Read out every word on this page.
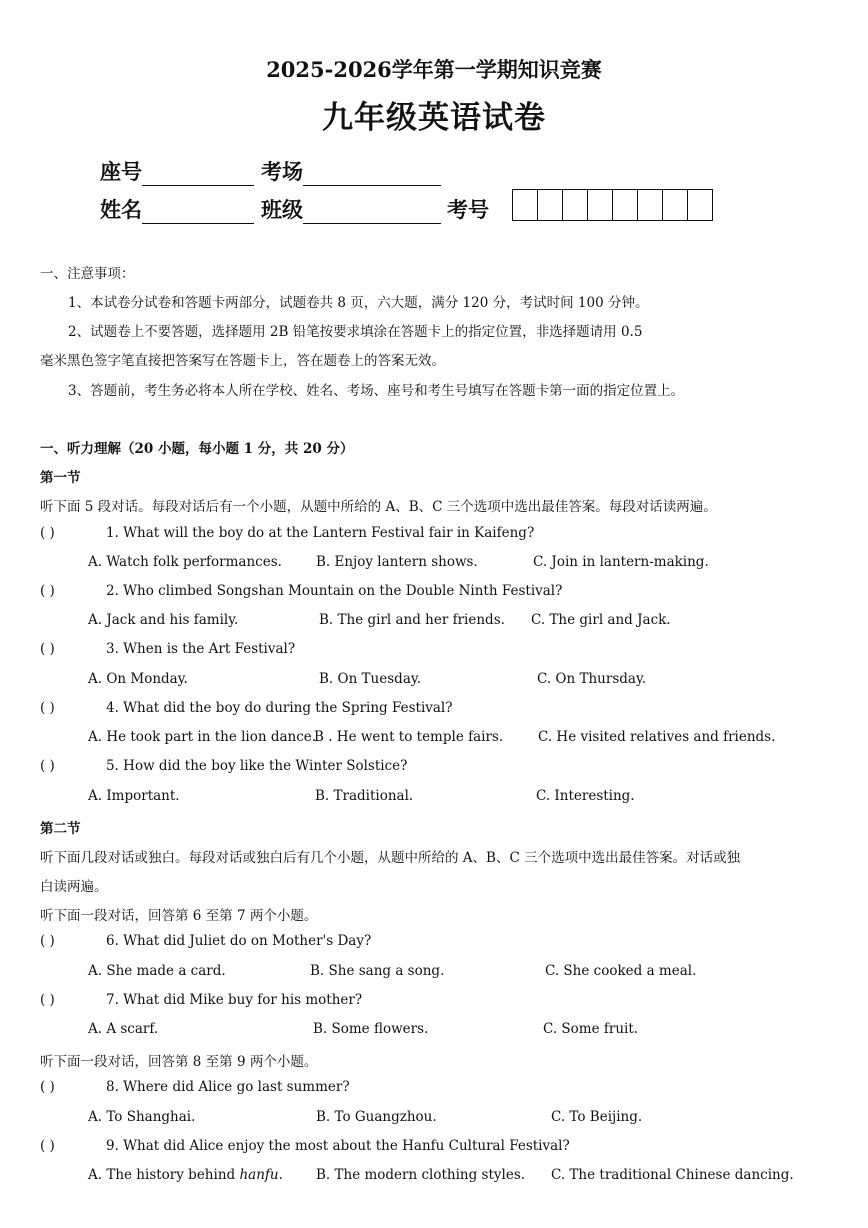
2025-2026学年第一学期知识竞赛
九年级英语试卷
座号	考场
姓名	班级	考号
一、注意事项：
1、本试卷分试卷和答题卡两部分，试题卷共 8 页，六大题，满分 120 分，考试时间 100 分钟。
2、试题卷上不要答题，选择题用 2B 铅笔按要求填涂在答题卡上的指定位置，非选择题请用 0.5
毫米黑色签字笔直接把答案写在答题卡上，答在题卷上的答案无效。
3、答题前，考生务必将本人所在学校、姓名、考场、座号和考生号填写在答题卡第一面的指定位置上。
一、听力理解（20 小题，每小题 1 分，共 20 分）
第一节
听下面 5 段对话。每段对话后有一个小题，从题中所给的 A、B、C 三个选项中选出最佳答案。每段对话读两遍。
( )	1. What will the boy do at the Lantern Festival fair in Kaifeng?
A. Watch folk performances.	B. Enjoy lantern shows.	C. Join in lantern-making.
( )	2. Who climbed Songshan Mountain on the Double Ninth Festival?
A. Jack and his family.	B. The girl and her friends. C. The girl and Jack.
( )	3. When is the Art Festival?
A. On Monday.	B. On Tuesday.	C. On Thursday.
( )	4. What did the boy do during the Spring Festival?
A. He took part in the lion dance.
B . He went to temple fairs.	C. He visited relatives and friends.
( )	5. How did the boy like the Winter Solstice?
A. Important.	B. Traditional.	C. Interesting.
第二节
听下面几段对话或独白。每段对话或独白后有几个小题，从题中所给的 A、B、C 三个选项中选出最佳答案。对话或独
白读两遍。
听下面一段对话，回答第 6 至第 7 两个小题。
( )	6. What did Juliet do on Mother's Day?
A. She made a card.	B. She sang a song.	C. She cooked a meal.
( )	7. What did Mike buy for his mother?
A. A scarf.	B. Some flowers.	C. Some fruit.
听下面一段对话，回答第 8 至第 9 两个小题。
( )	8. Where did Alice go last summer?
A. To Shanghai.	B. To Guangzhou.	C. To Beijing.
( )	9. What did Alice enjoy the most about the Hanfu Cultural Festival?
A. The history behind hanfu. B. The modern clothing styles. C. The traditional Chinese dancing.
